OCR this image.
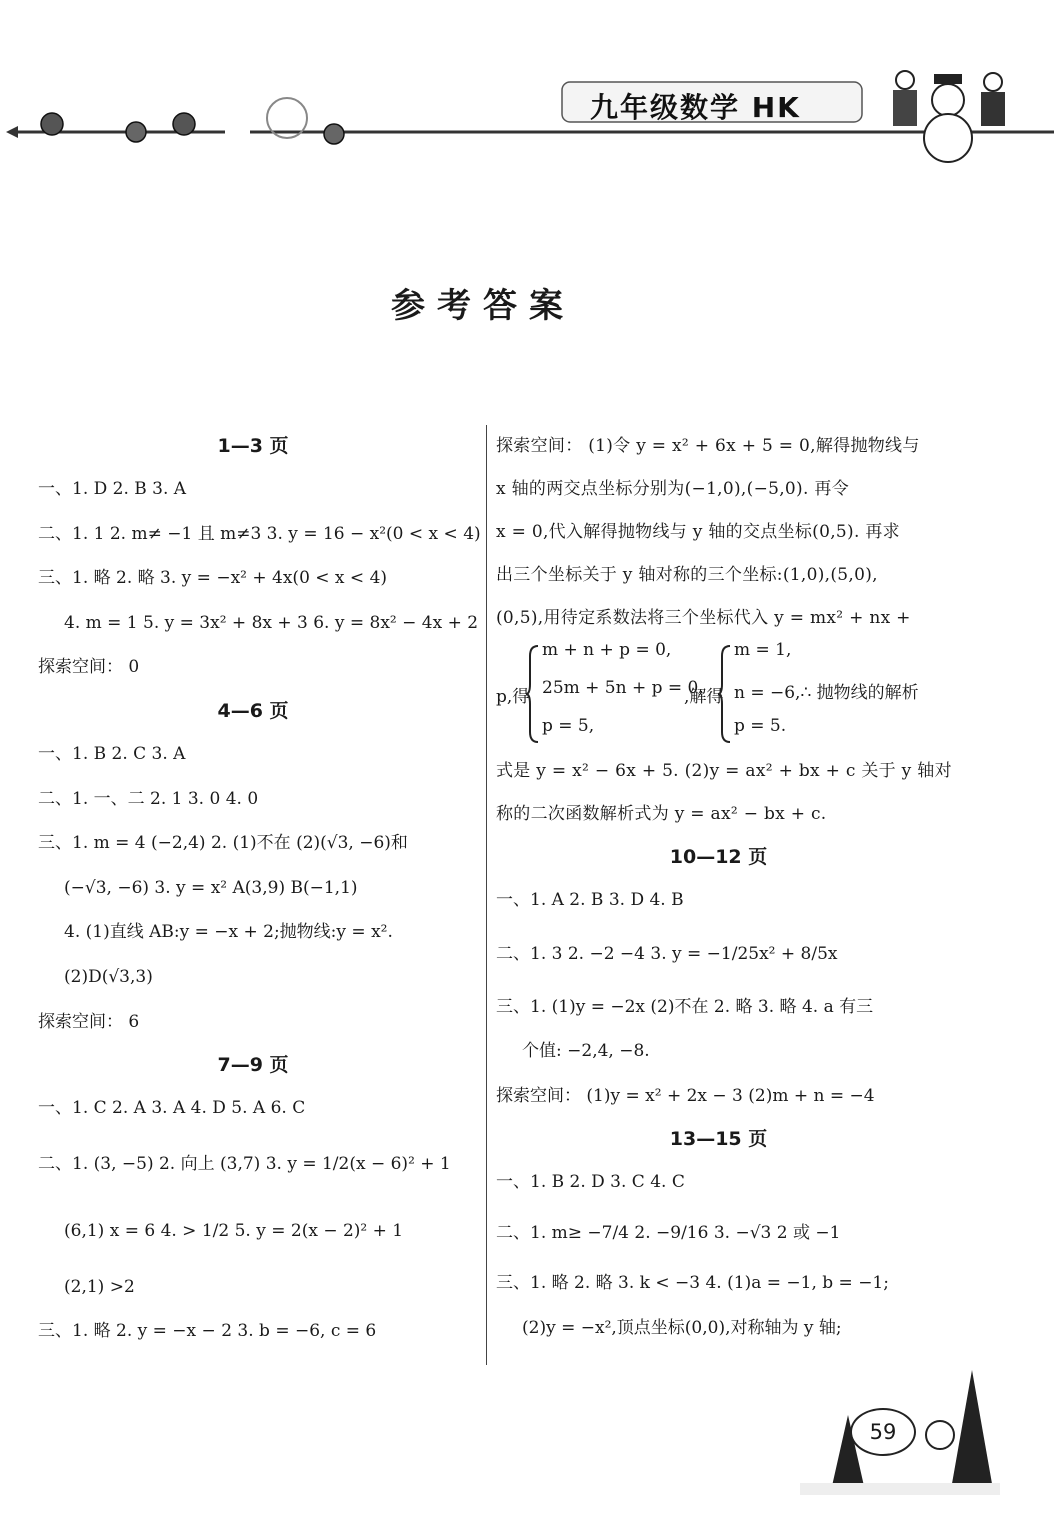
九年级数学 HK
参考答案
1—3 页
一、1. D 2. B 3. A
二、1. 1 2. m≠ −1 且 m≠3 3. y = 16 − x²(0 < x < 4)
三、1. 略 2. 略 3. y = −x² + 4x(0 < x < 4)
4. m = 1 5. y = 3x² + 8x + 3 6. y = 8x² − 4x + 2
探索空间： 0
4—6 页
一、1. B 2. C 3. A
二、1. 一、二 2. 1 3. 0 4. 0
三、1. m = 4 (−2,4) 2. (1)不在 (2)(√3, −6)和
(−√3, −6) 3. y = x² A(3,9) B(−1,1)
4. (1)直线 AB:y = −x + 2;抛物线:y = x².
(2)D(√3,3)
探索空间： 6
7—9 页
一、1. C 2. A 3. A 4. D 5. A 6. C
二、1. (3, −5) 2. 向上 (3,7) 3. y = 1/2(x − 6)² + 1
(6,1) x = 6 4. > 1/2 5. y = 2(x − 2)² + 1
(2,1) >2
三、1. 略 2. y = −x − 2 3. b = −6, c = 6
探索空间： (1)令 y = x² + 6x + 5 = 0,解得抛物线与
x 轴的两交点坐标分别为(−1,0),(−5,0). 再令
x = 0,代入解得抛物线与 y 轴的交点坐标(0,5). 再求
出三个坐标关于 y 轴对称的三个坐标:(1,0),(5,0),
(0,5),用待定系数法将三个坐标代入 y = mx² + nx +
p,得
m + n + p = 0,
25m + 5n + p = 0,
p = 5,
,解得
m = 1,
n = −6,∴ 抛物线的解析
p = 5.
式是 y = x² − 6x + 5. (2)y = ax² + bx + c 关于 y 轴对
称的二次函数解析式为 y = ax² − bx + c.
10—12 页
一、1. A 2. B 3. D 4. B
二、1. 3 2. −2 −4 3. y = −1/25x² + 8/5x
三、1. (1)y = −2x (2)不在 2. 略 3. 略 4. a 有三
个值: −2,4, −8.
探索空间： (1)y = x² + 2x − 3 (2)m + n = −4
13—15 页
一、1. B 2. D 3. C 4. C
二、1. m≥ −7/4 2. −9/16 3. −√3 2 或 −1
三、1. 略 2. 略 3. k < −3 4. (1)a = −1, b = −1;
(2)y = −x²,顶点坐标(0,0),对称轴为 y 轴;
59
